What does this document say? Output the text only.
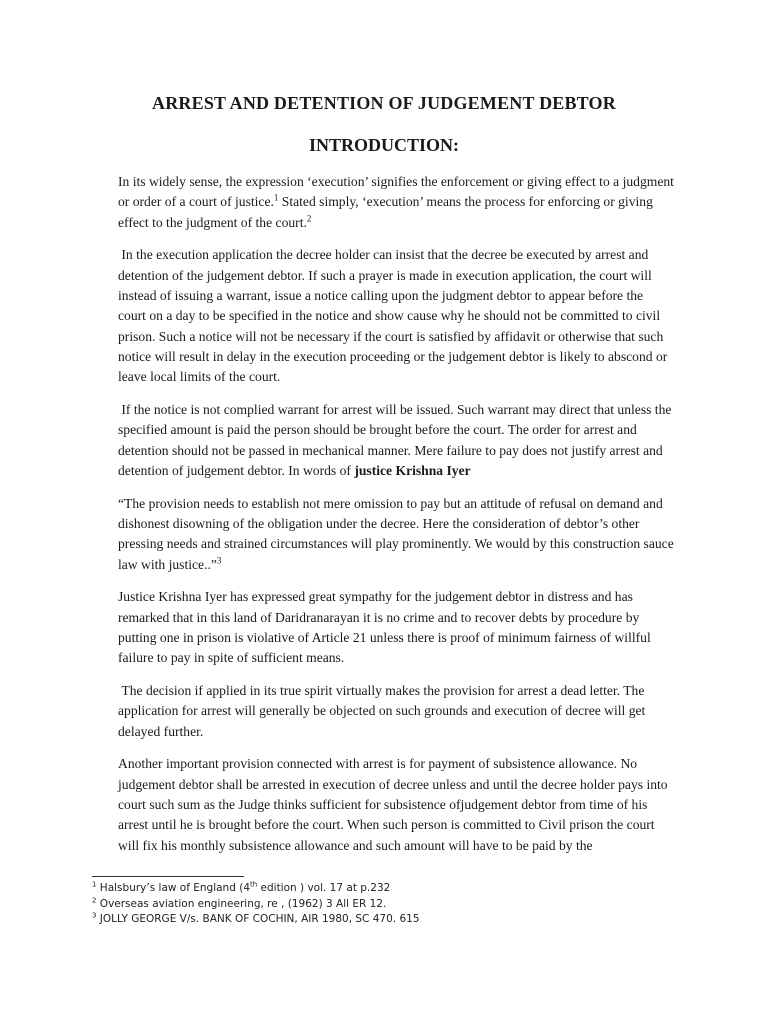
ARREST AND DETENTION OF JUDGEMENT DEBTOR
INTRODUCTION:

In its widely sense, the expression ‘execution’ signifies the enforcement or giving effect to a judgment or order of a court of justice.$^1$ Stated simply, ‘execution’ means the process for enforcing or giving effect to the judgment of the court.$^2$

In the execution application the decree holder can insist that the decree be executed by arrest and detention of the judgement debtor. If such a prayer is made in execution application, the court will instead of issuing a warrant, issue a notice calling upon the judgment debtor to appear before the court on a day to be specified in the notice and show cause why he should not be committed to civil prison. Such a notice will not be necessary if the court is satisfied by affidavit or otherwise that such notice will result in delay in the execution proceeding or the judgement debtor is likely to abscond or leave local limits of the court.

If the notice is not complied warrant for arrest will be issued. Such warrant may direct that unless the specified amount is paid the person should be brought before the court. The order for arrest and detention should not be passed in mechanical manner. Mere failure to pay does not justify arrest and detention of judgement debtor. In words of justice Krishna Iyer

“The provision needs to establish not mere omission to pay but an attitude of refusal on demand and dishonest disowning of the obligation under the decree. Here the consideration of debtor’s other pressing needs and strained circumstances will play prominently. We would by this construction sauce law with justice..”$^3$

Justice Krishna Iyer has expressed great sympathy for the judgement debtor in distress and has remarked that in this land of Daridranarayan it is no crime and to recover debts by procedure by putting one in prison is violative of Article 21 unless there is proof of minimum fairness of willful failure to pay in spite of sufficient means.

The decision if applied in its true spirit virtually makes the provision for arrest a dead letter. The application for arrest will generally be objected on such grounds and execution of decree will get delayed further.

Another important provision connected with arrest is for payment of subsistence allowance. No judgement debtor shall be arrested in execution of decree unless and until the decree holder pays into court such sum as the Judge thinks sufficient for subsistence ofjudgement debtor from time of his arrest until he is brought before the court. When such person is committed to Civil prison the court will fix his monthly subsistence allowance and such amount will have to be paid by the

$^1$ Halsbury’s law of England (4th edition ) vol. 17 at p.232
$^2$ Overseas aviation engineering, re , (1962) 3 All ER 12.
$^3$ JOLLY GEORGE V/s. BANK OF COCHIN, AIR 1980, SC 470. 615
